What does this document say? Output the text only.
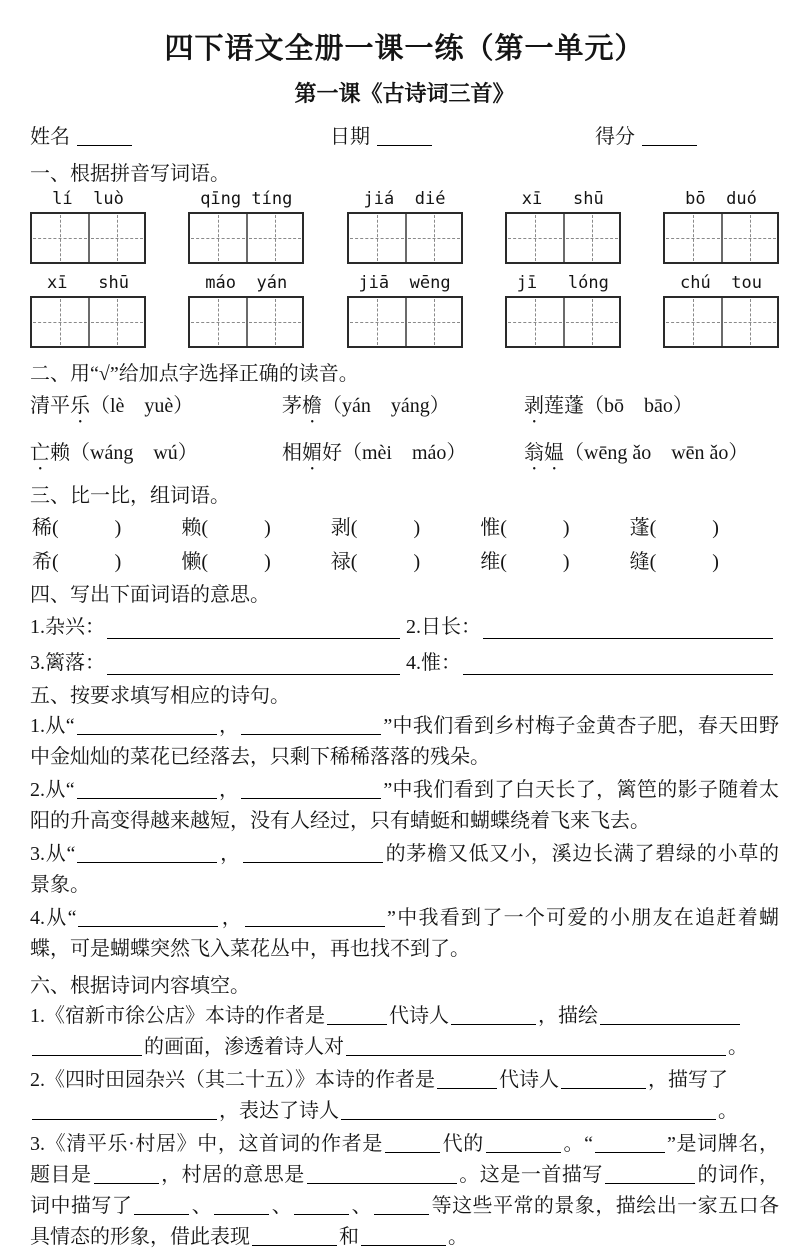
四下语文全册一课一练（第一单元）
第一课《古诗词三首》
姓名	日期	得分
一、根据拼音写词语。
lí  luò	qīng tíng	jiá  dié	xī   shū	bō  duó
xī   shū	máo  yán	jiā  wēng	jī   lóng	chú  tou
二、用“√”给加点字选择正确的读音。
清平乐（lè　yuè）	茅檐（yán　yáng）	剥莲蓬（bō　bāo）
亡赖（wáng　wú）	相媚好（mèi　máo）	翁媪（wēng ǎo　wēn ǎo）
三、比一比，组词语。
稀(	)	赖(	)	剥(	)	惟(	)	蓬(	)
希(	)	懒(	)	禄(	)	维(	)	缝(	)
四、写出下面词语的意思。
1.杂兴：	2.日长：
3.篱落：	4.惟：
五、按要求填写相应的诗句。

1.从“	，	”中我们看到乡村梅子金黄杏子肥，春天田野中金灿灿的菜花已经落去，只剩下稀稀落落的残朵。

2.从“	，	”中我们看到了白天长了，篱笆的影子随着太阳的升高变得越来越短，没有人经过，只有蜻蜓和蝴蝶绕着飞来飞去。

3.从“	，	的茅檐又低又小，溪边长满了碧绿的小草的景象。

4.从“	，	”中我看到了一个可爱的小朋友在追赶着蝴蝶，可是蝴蝶突然飞入菜花丛中，再也找不到了。

六、根据诗词内容填空。

1.《宿新市徐公店》本诗的作者是	代诗人	，描绘
的画面，渗透着诗人对	。

2.《四时田园杂兴（其二十五）》本诗的作者是	代诗人	，描写了
，表达了诗人	。

3.《清平乐·村居》中，这首词的作者是	代的	。“	”是词牌名，题目是	，村居的意思是	。这是一首描写	的词作，词中描写了	、	、	、	等这些平常的景象，描绘出一家五口各具情态的形象，借此表现	和	。
